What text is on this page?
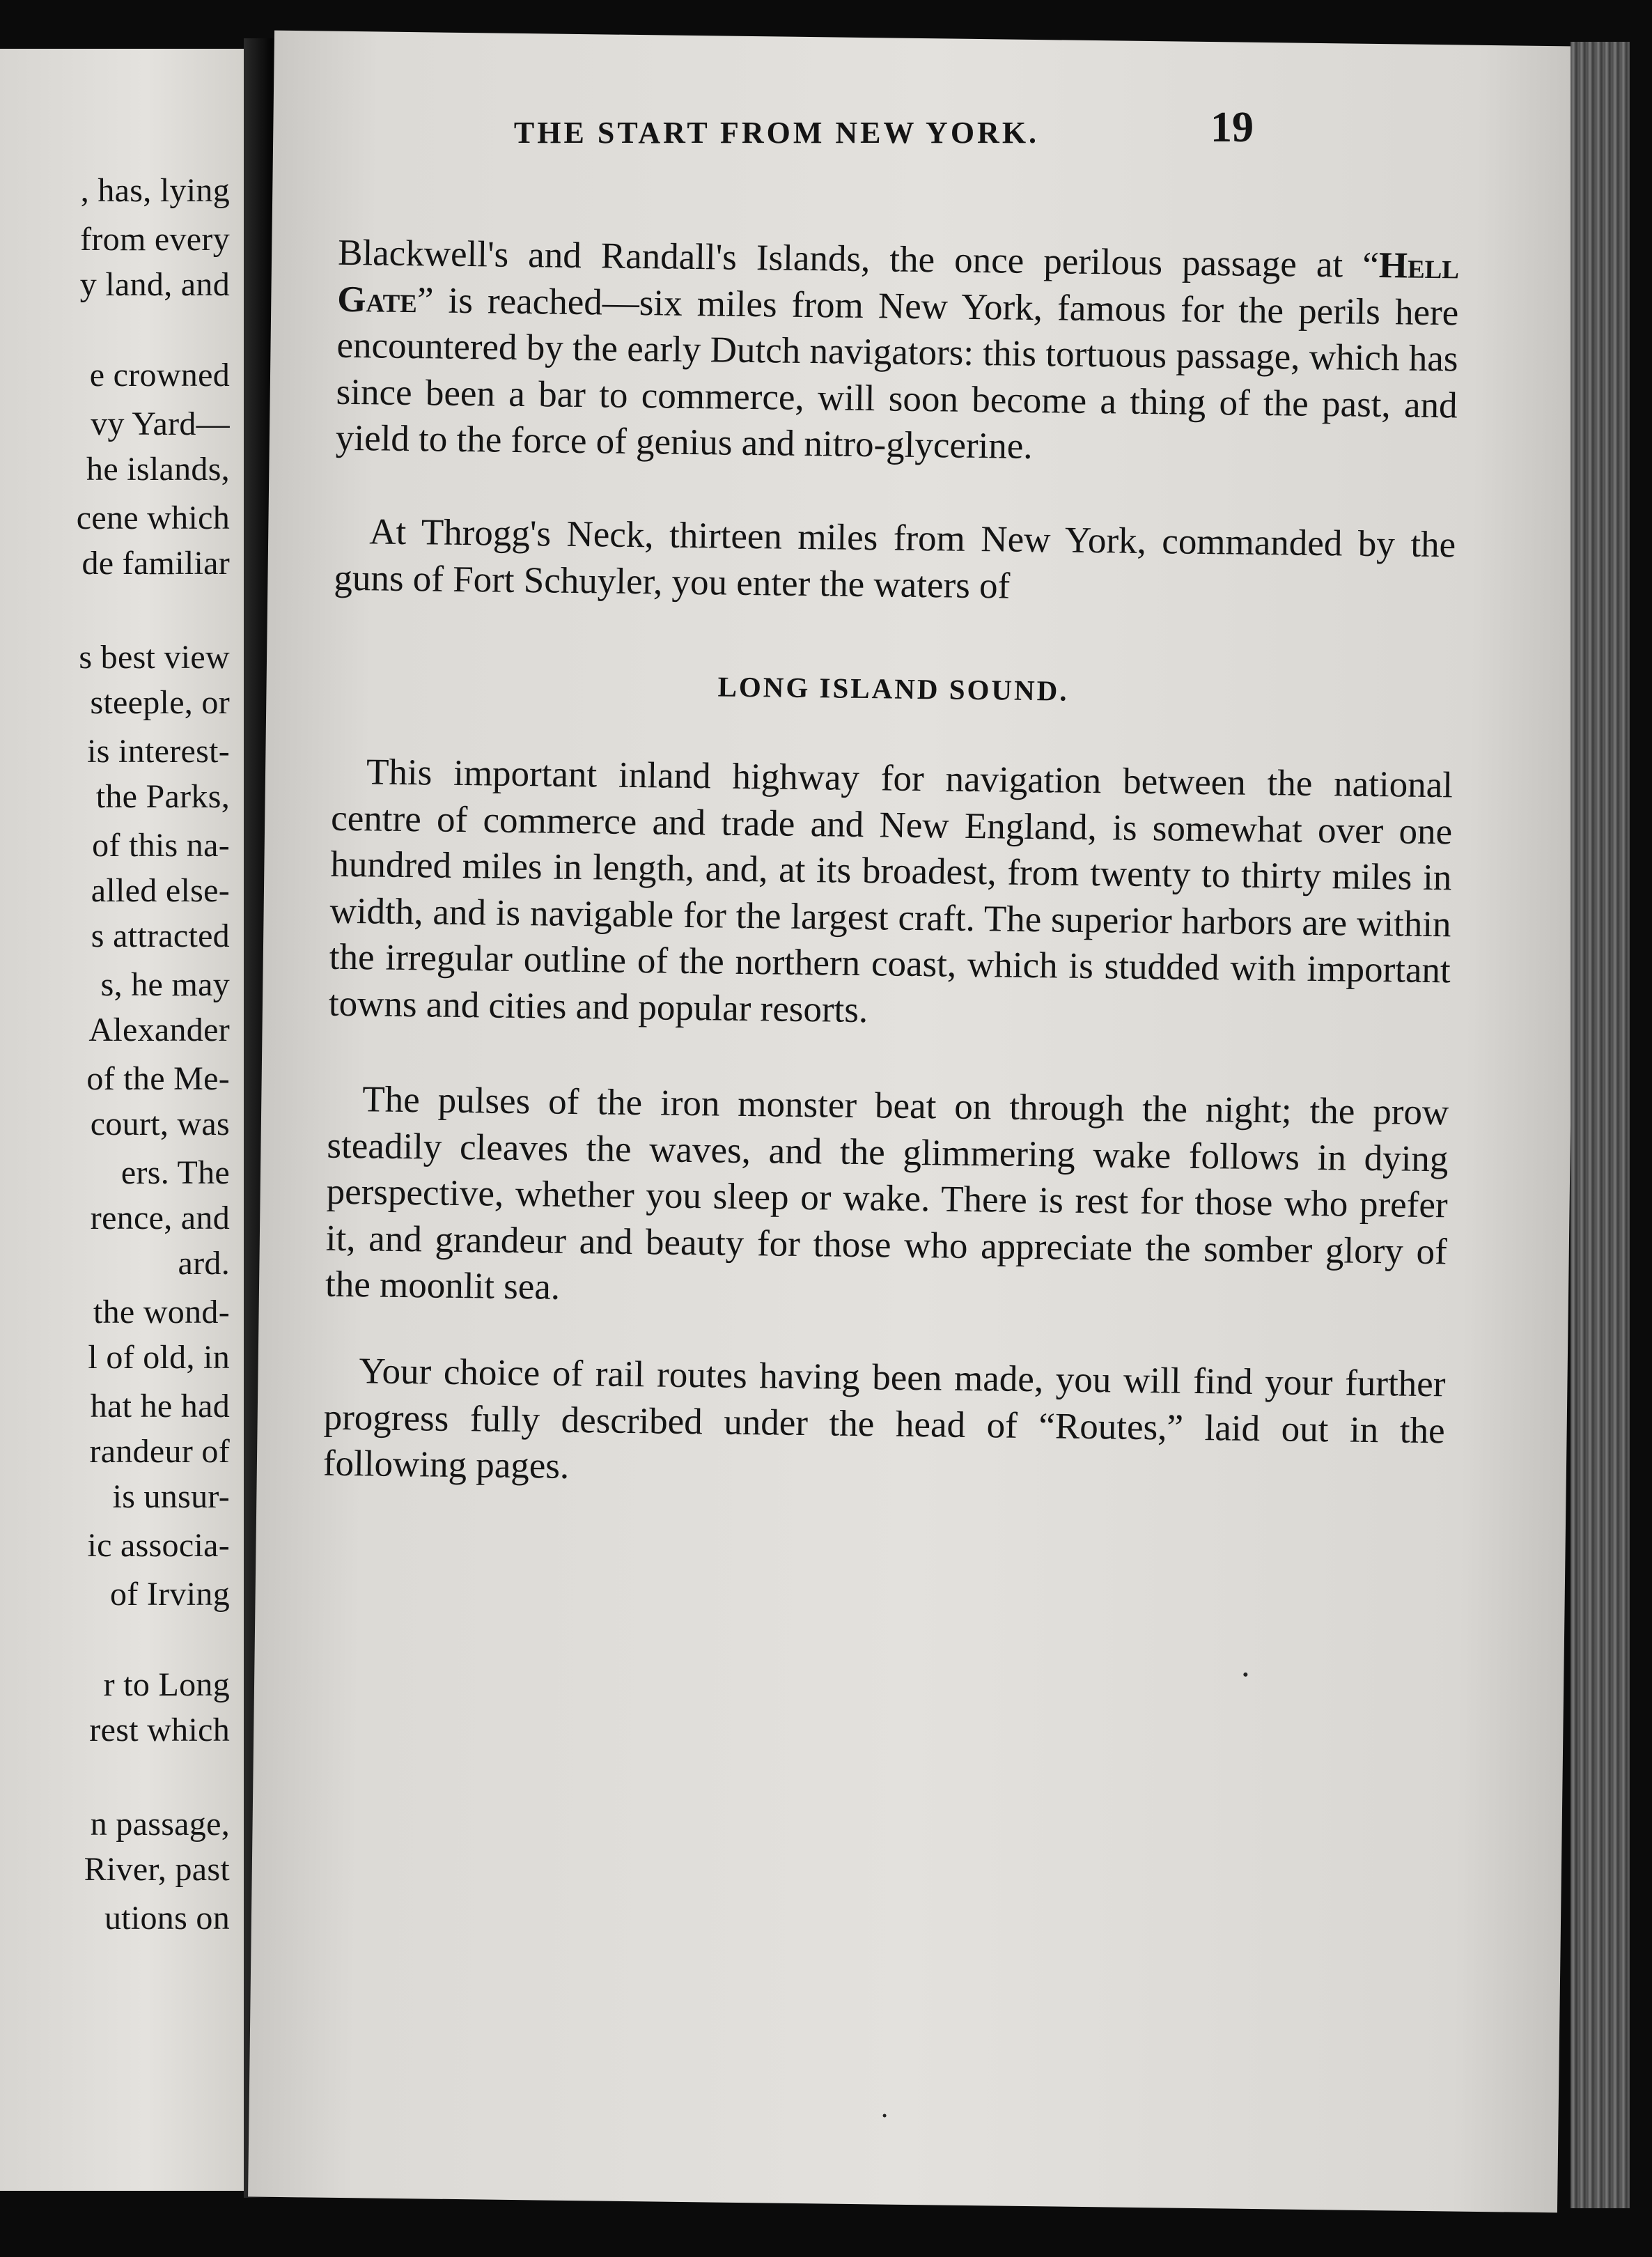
, has, lying
from every
y land, and
e crowned
vy Yard—
he islands,
cene which
de familiar
s best view
steeple, or
is interest-
the Parks,
of this na-
alled else-
s attracted
s, he may
Alexander
of the Me-
court, was
ers. The
rence, and
ard.
the wond-
l of old, in
hat he had
randeur of
is unsur-
ic associa-
of Irving
r to Long
rest which
n passage,
River, past
utions on

Blackwell's and Randall's Islands, the once perilous passage at “Hell Gate” is reached—six miles from New York, famous for the perils here encountered by the early Dutch navigators: this tortuous passage, which has since been a bar to commerce, will soon become a thing of the past, and yield to the force of genius and nitro-glycerine.

At Throgg's Neck, thirteen miles from New York, commanded by the guns of Fort Schuyler, you enter the waters of

LONG ISLAND SOUND.

This important inland highway for navigation between the national centre of commerce and trade and New England, is somewhat over one hundred miles in length, and, at its broadest, from twenty to thirty miles in width, and is navigable for the largest craft. The superior harbors are within the irregular outline of the northern coast, which is studded with important towns and cities and popular resorts.

The pulses of the iron monster beat on through the night; the prow steadily cleaves the waves, and the glimmering wake follows in dying perspective, whether you sleep or wake. There is rest for those who prefer it, and grandeur and beauty for those who appreciate the somber glory of the moonlit sea.

Your choice of rail routes having been made, you will find your further progress fully described under the head of “Routes,” laid out in the following pages.

THE START FROM NEW YORK.	19
